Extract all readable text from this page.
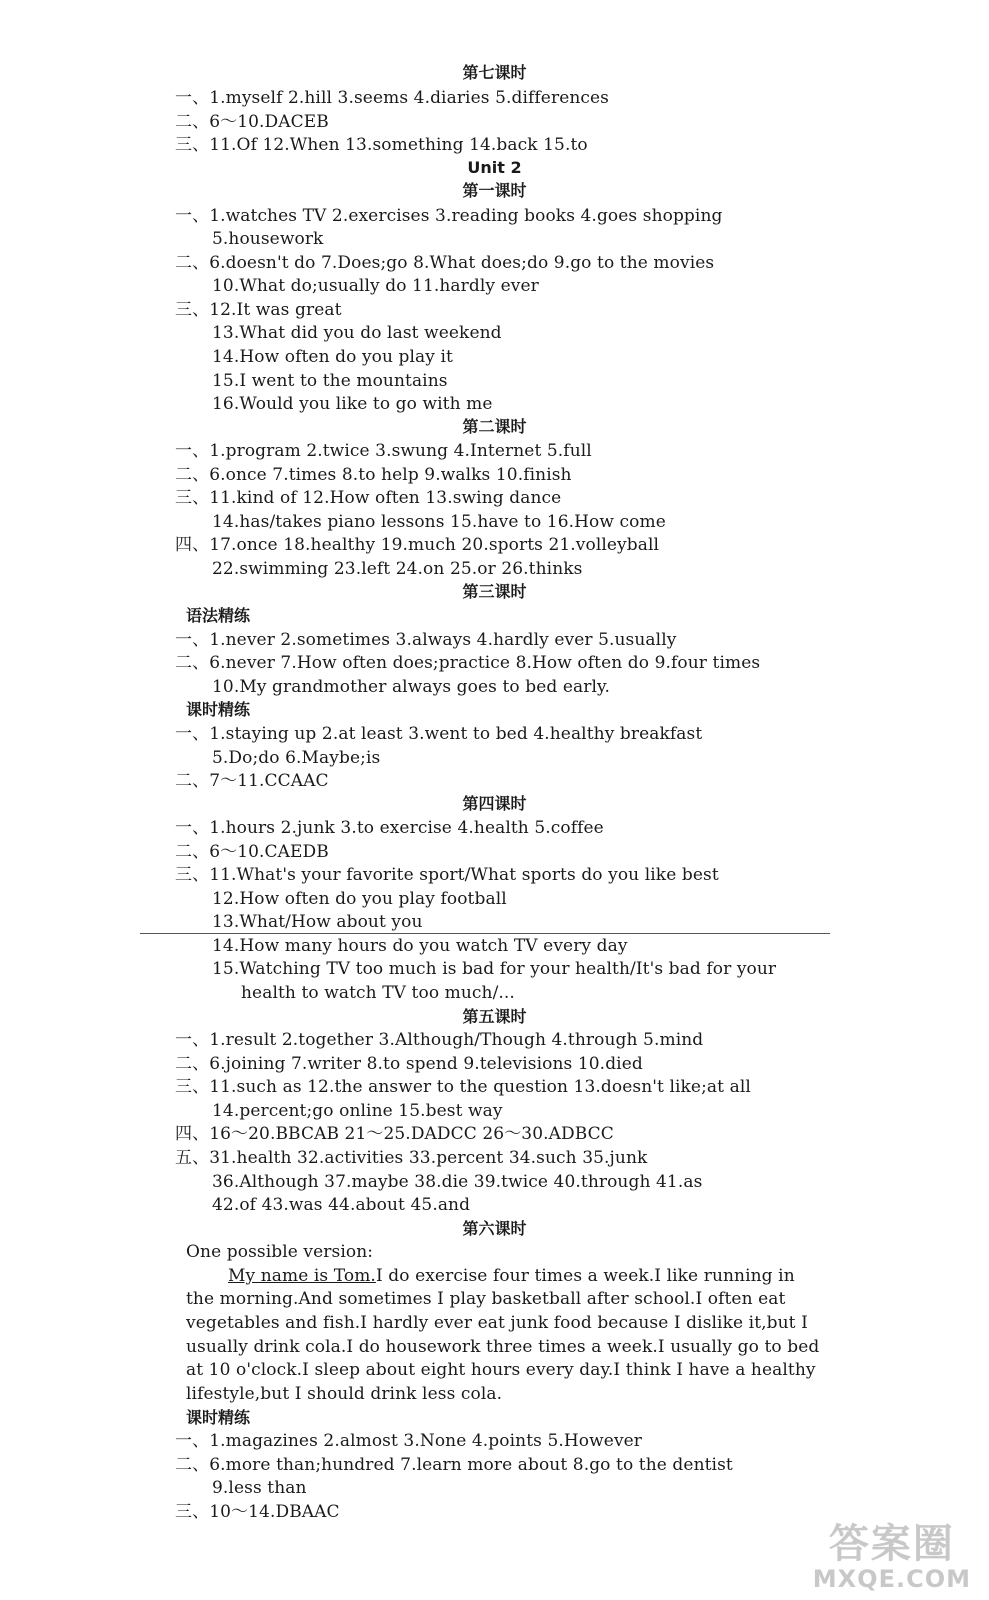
第七课时
一、1.myself 2.hill 3.seems 4.diaries 5.differences
二、6～10.DACEB
三、11.Of 12.When 13.something 14.back 15.to
Unit 2
第一课时
一、1.watches TV 2.exercises 3.reading books 4.goes shopping
5.housework
二、6.doesn't do 7.Does;go 8.What does;do 9.go to the movies
10.What do;usually do 11.hardly ever
三、12.It was great
13.What did you do last weekend
14.How often do you play it
15.I went to the mountains
16.Would you like to go with me
第二课时
一、1.program 2.twice 3.swung 4.Internet 5.full
二、6.once 7.times 8.to help 9.walks 10.finish
三、11.kind of 12.How often 13.swing dance
14.has/takes piano lessons 15.have to 16.How come
四、17.once 18.healthy 19.much 20.sports 21.volleyball
22.swimming 23.left 24.on 25.or 26.thinks
第三课时
语法精练
一、1.never 2.sometimes 3.always 4.hardly ever 5.usually
二、6.never 7.How often does;practice 8.How often do 9.four times
10.My grandmother always goes to bed early.
课时精练
一、1.staying up 2.at least 3.went to bed 4.healthy breakfast
5.Do;do 6.Maybe;is
二、7～11.CCAAC
第四课时
一、1.hours 2.junk 3.to exercise 4.health 5.coffee
二、6～10.CAEDB
三、11.What's your favorite sport/What sports do you like best
12.How often do you play football
13.What/How about you
14.How many hours do you watch TV every day
15.Watching TV too much is bad for your health/It's bad for your
health to watch TV too much/...
第五课时
一、1.result 2.together 3.Although/Though 4.through 5.mind
二、6.joining 7.writer 8.to spend 9.televisions 10.died
三、11.such as 12.the answer to the question 13.doesn't like;at all
14.percent;go online 15.best way
四、16～20.BBCAB 21～25.DADCC 26～30.ADBCC
五、31.health 32.activities 33.percent 34.such 35.junk
36.Although 37.maybe 38.die 39.twice 40.through 41.as
42.of 43.was 44.about 45.and
第六课时
One possible version:
My name is Tom.I do exercise four times a week.I like running in
the morning.And sometimes I play basketball after school.I often eat
vegetables and fish.I hardly ever eat junk food because I dislike it,but I
usually drink cola.I do housework three times a week.I usually go to bed
at 10 o'clock.I sleep about eight hours every day.I think I have a healthy
lifestyle,but I should drink less cola.
课时精练
一、1.magazines 2.almost 3.None 4.points 5.However
二、6.more than;hundred 7.learn more about 8.go to the dentist
9.less than
三、10～14.DBAAC
答案圈
MXQE.COM
